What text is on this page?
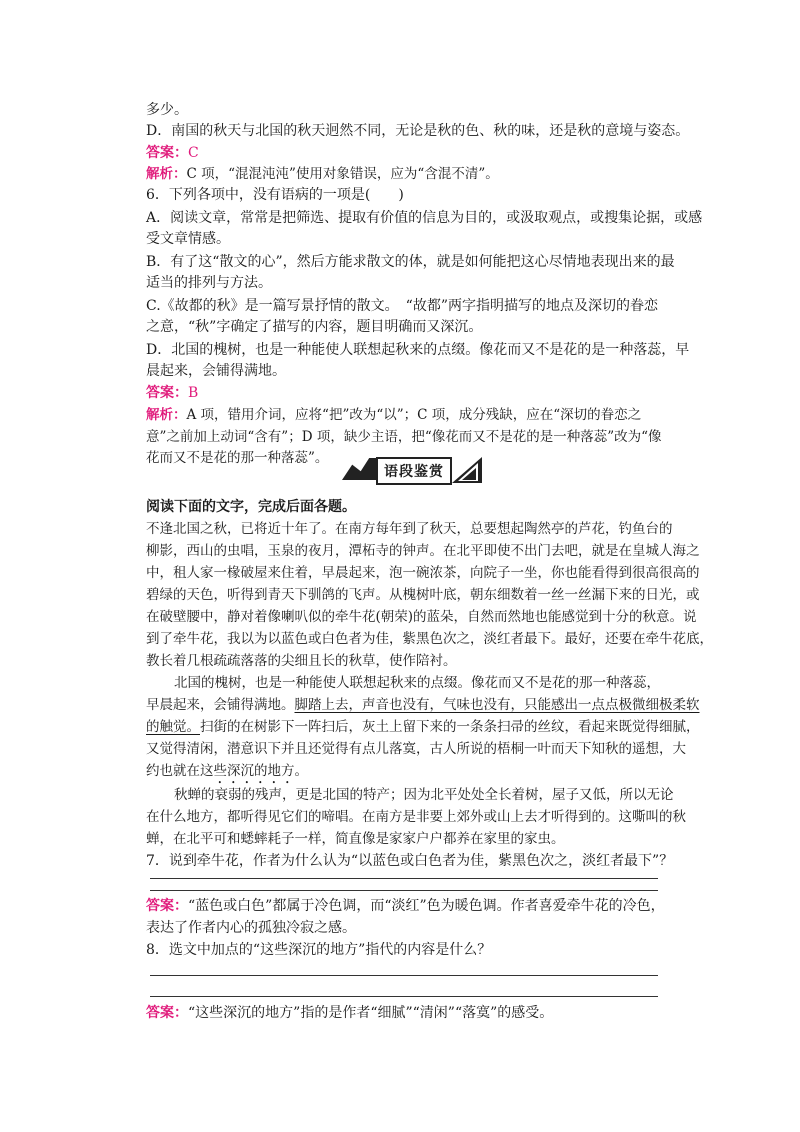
多少。
D．南国的秋天与北国的秋天迥然不同，无论是秋的色、秋的味，还是秋的意境与姿态。
答案：C
解析：C 项，“混混沌沌”使用对象错误，应为“含混不清”。
6．下列各项中，没有语病的一项是(　　)
A．阅读文章，常常是把筛选、提取有价值的信息为目的，或汲取观点，或搜集论据，或感
受文章情感。
B．有了这“散文的心”，然后方能求散文的体，就是如何能把这心尽情地表现出来的最
适当的排列与方法。
C.《故都的秋》是一篇写景抒情的散文。　“故都”两字指明描写的地点及深切的眷恋
之意，“秋”字确定了描写的内容，题目明确而又深沉。
D．北国的槐树，也是一种能使人联想起秋来的点缀。像花而又不是花的是一种落蕊，早
晨起来，会铺得满地。
答案：B
解析：A 项，错用介词，应将“把”改为“以”；C 项，成分残缺，应在“深切的眷恋之
意”之前加上动词“含有”；D 项，缺少主语，把“像花而又不是花的是一种落蕊”改为“像
花而又不是花的那一种落蕊”。
语段鉴赏
阅读下面的文字，完成后面各题。
不逢北国之秋，已将近十年了。在南方每年到了秋天，总要想起陶然亭的芦花，钓鱼台的
柳影，西山的虫唱，玉泉的夜月，潭柘寺的钟声。在北平即使不出门去吧，就是在皇城人海之
中，租人家一椽破屋来住着，早晨起来，泡一碗浓茶，向院子一坐，你也能看得到很高很高的
碧绿的天色，听得到青天下驯鸽的飞声。从槐树叶底，朝东细数着一丝一丝漏下来的日光，或
在破壁腰中，静对着像喇叭似的牵牛花(朝荣)的蓝朵，自然而然地也能感觉到十分的秋意。说
到了牵牛花，我以为以蓝色或白色者为佳，紫黑色次之，淡红者最下。最好，还要在牵牛花底，
教长着几根疏疏落落的尖细且长的秋草，使作陪衬。
北国的槐树，也是一种能使人联想起秋来的点缀。像花而又不是花的那一种落蕊，
早晨起来，会铺得满地。脚踏上去，声音也没有，气味也没有，只能感出一点点极微细极柔软
的触觉。扫街的在树影下一阵扫后，灰土上留下来的一条条扫帚的丝纹，看起来既觉得细腻，
又觉得清闲，潜意识下并且还觉得有点儿落寞，古人所说的梧桐一叶而天下知秋的遥想，大
约也就在这些深沉的地方。
秋蝉的衰弱的残声，更是北国的特产；因为北平处处全长着树，屋子又低，所以无论
在什么地方，都听得见它们的啼唱。在南方是非要上郊外或山上去才听得到的。这嘶叫的秋
蝉，在北平可和蟋蟀耗子一样，简直像是家家户户都养在家里的家虫。
7．说到牵牛花，作者为什么认为“以蓝色或白色者为佳，紫黑色次之，淡红者最下”？
答案：“蓝色或白色”都属于冷色调，而“淡红”色为暖色调。作者喜爱牵牛花的冷色，
表达了作者内心的孤独冷寂之感。
8．选文中加点的“这些深沉的地方”指代的内容是什么？
答案：“这些深沉的地方”指的是作者“细腻”“清闲”“落寞”的感受。
